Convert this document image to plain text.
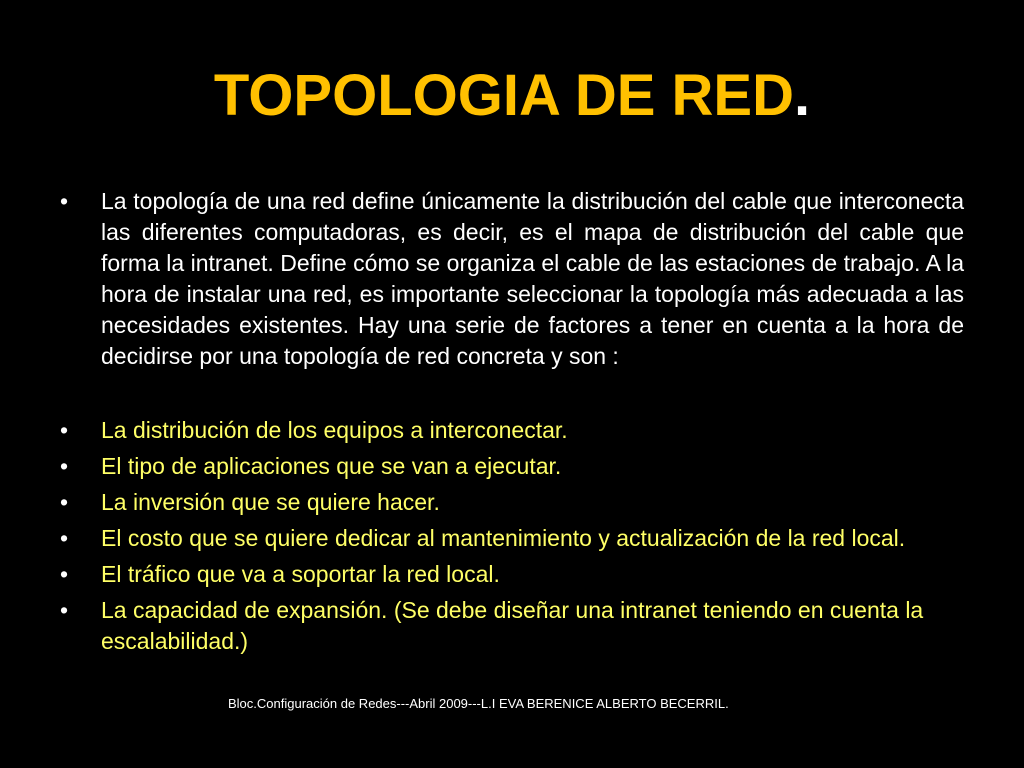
TOPOLOGIA DE RED.
•	La topología de una red define únicamente la distribución del cable que interconecta las diferentes computadoras, es decir, es el mapa de distribución del cable que forma la intranet. Define cómo se organiza el cable de las estaciones de trabajo. A la hora de instalar una red, es importante seleccionar la topología más adecuada a las necesidades existentes. Hay una serie de factores a tener en cuenta a la hora de decidirse por una topología de red concreta y son :
•	La distribución de los equipos a interconectar.
•	El tipo de aplicaciones que se van a ejecutar.
•	La inversión que se quiere hacer.
•	El costo que se quiere dedicar al mantenimiento y actualización de la red local.
•	El tráfico que va a soportar la red local.
•	La capacidad de expansión. (Se debe diseñar una intranet teniendo en cuenta la escalabilidad.)
Bloc.Configuración de Redes---Abril 2009---L.I EVA BERENICE ALBERTO BECERRIL.
